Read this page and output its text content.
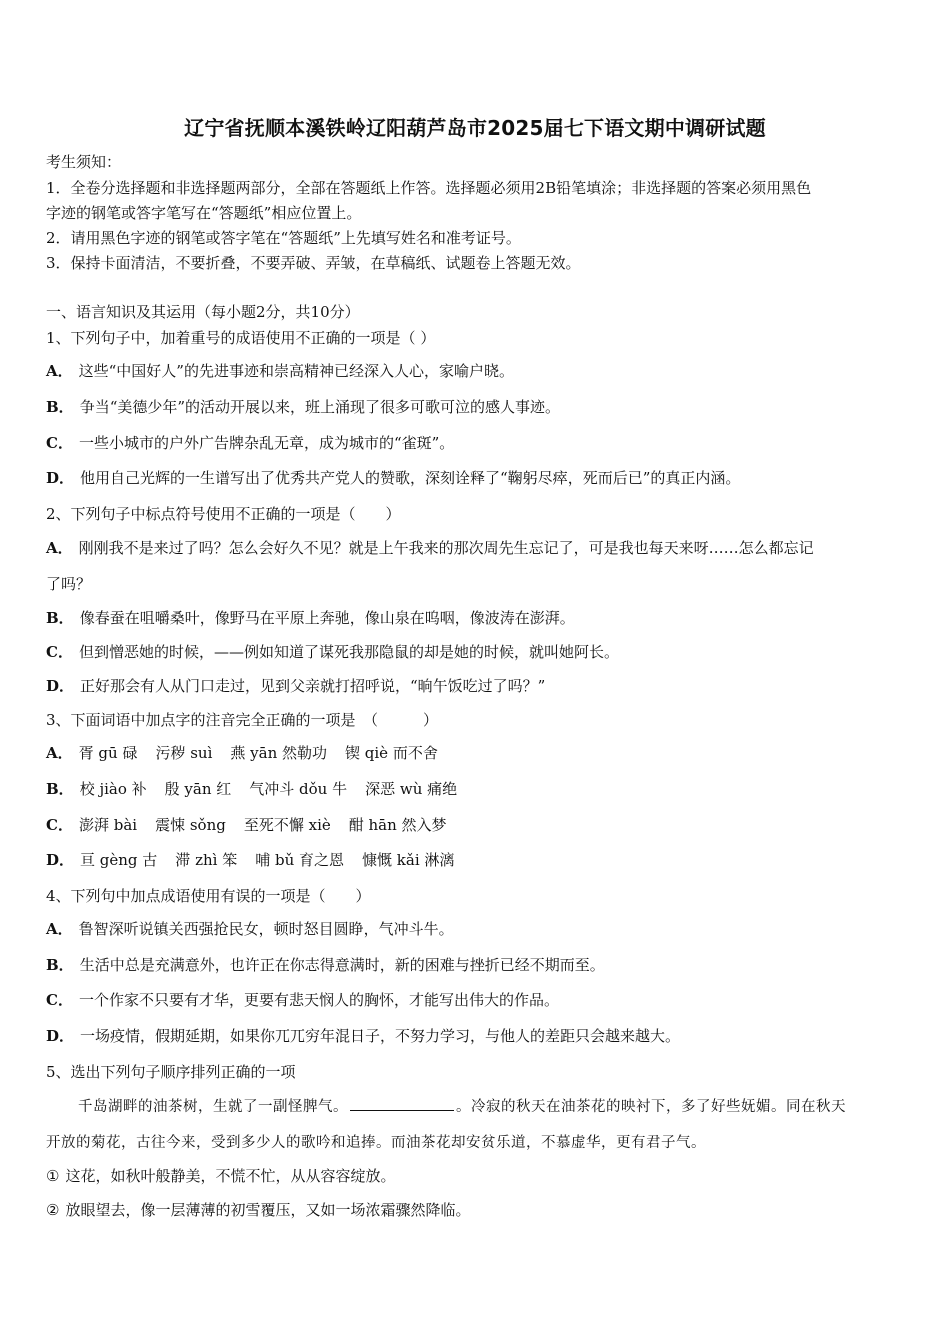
辽宁省抚顺本溪铁岭辽阳葫芦岛市2025届七下语文期中调研试题
考生须知：
1．全卷分选择题和非选择题两部分，全部在答题纸上作答。选择题必须用2B铅笔填涂；非选择题的答案必须用黑色
字迹的钢笔或答字笔写在“答题纸”相应位置上。
2．请用黑色字迹的钢笔或答字笔在“答题纸”上先填写姓名和准考证号。
3．保持卡面清洁，不要折叠，不要弄破、弄皱，在草稿纸、试题卷上答题无效。
一、语言知识及其运用（每小题2分，共10分）
1、下列句子中，加着重号的成语使用不正确的一项是（ ）
A． 这些“中国好人”的先进事迹和崇高精神已经深入人心，家喻户晓。
B． 争当“美德少年”的活动开展以来，班上涌现了很多可歌可泣的感人事迹。
C． 一些小城市的户外广告牌杂乱无章，成为城市的“雀斑”。
D． 他用自己光辉的一生谱写出了优秀共产党人的赞歌，深刻诠释了“鞠躬尽瘁，死而后已”的真正内涵。
2、下列句子中标点符号使用不正确的一项是（　　）
A． 刚刚我不是来过了吗？怎么会好久不见？就是上午我来的那次周先生忘记了，可是我也每天来呀……怎么都忘记
了吗？
B． 像春蚕在咀嚼桑叶，像野马在平原上奔驰，像山泉在呜咽，像波涛在澎湃。
C． 但到憎恶她的时候，——例如知道了谋死我那隐鼠的却是她的时候，就叫她阿长。
D． 正好那会有人从门口走过，见到父亲就打招呼说，“晌午饭吃过了吗？”
3、下面词语中加点字的注音完全正确的一项是　（　　　）
A． 胥 gū 碌 污秽 suì 燕 yān 然勒功 锲 qiè 而不舍
B． 校 jiào 补 殷 yān 红 气冲斗 dǒu 牛 深恶 wù 痛绝
C． 澎湃 bài 震悚 sǒng 至死不懈 xiè 酣 hān 然入梦
D． 亘 gèng 古 滞 zhì 笨 哺 bǔ 育之恩 慷慨 kǎi 淋漓
4、下列句中加点成语使用有误的一项是（　　）
A． 鲁智深听说镇关西强抢民女，顿时怒目圆睁，气冲斗牛。
B． 生活中总是充满意外，也许正在你志得意满时，新的困难与挫折已经不期而至。
C． 一个作家不只要有才华，更要有悲天悯人的胸怀，才能写出伟大的作品。
D． 一场疫情，假期延期，如果你兀兀穷年混日子，不努力学习，与他人的差距只会越来越大。
5、选出下列句子顺序排列正确的一项
千岛湖畔的油茶树，生就了一副怪脾气。	。冷寂的秋天在油茶花的映衬下，多了好些妩媚。同在秋天
开放的菊花，古往今来，受到多少人的歌吟和追捧。而油茶花却安贫乐道，不慕虚华，更有君子气。
① 这花，如秋叶般静美，不慌不忙，从从容容绽放。
② 放眼望去，像一层薄薄的初雪覆压，又如一场浓霜骤然降临。
